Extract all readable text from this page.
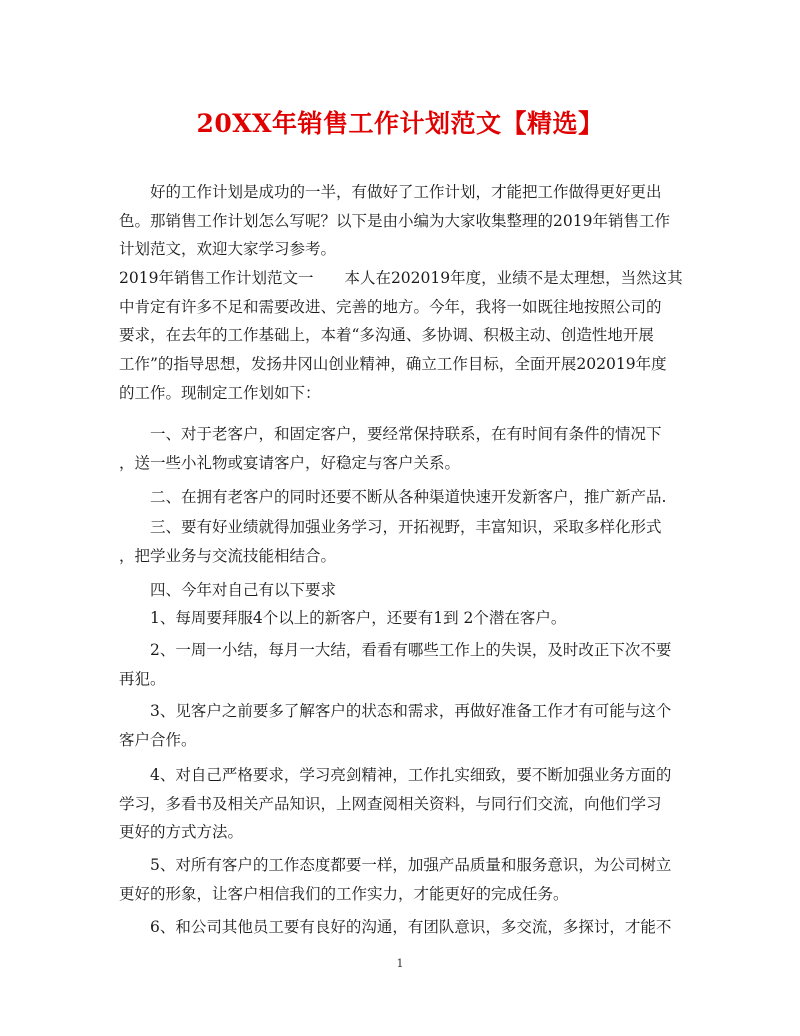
20XX年销售工作计划范文【精选】

　　好的工作计划是成功的一半，有做好了工作计划，才能把工作做得更好更出

色。那销售工作计划怎么写呢？以下是由小编为大家收集整理的2019年销售工作

计划范文，欢迎大家学习参考。

2019年销售工作计划范文一　　本人在202019年度，业绩不是太理想，当然这其

中肯定有许多不足和需要改进、完善的地方。今年，我将一如既往地按照公司的

要求，在去年的工作基础上，本着“多沟通、多协调、积极主动、创造性地开展

工作”的指导思想，发扬井冈山创业精神，确立工作目标，全面开展202019年度

的工作。现制定工作划如下：

　　一、对于老客户，和固定客户，要经常保持联系，在有时间有条件的情况下

，送一些小礼物或宴请客户，好稳定与客户关系。

　　二、在拥有老客户的同时还要不断从各种渠道快速开发新客户，推广新产品.

　　三、要有好业绩就得加强业务学习，开拓视野，丰富知识，采取多样化形式

，把学业务与交流技能相结合。

　　四、今年对自己有以下要求

　　1、每周要拜服4个以上的新客户，还要有1到 2个潜在客户。

　　2、一周一小结，每月一大结，看看有哪些工作上的失误，及时改正下次不要

再犯。

　　3、见客户之前要多了解客户的状态和需求，再做好准备工作才有可能与这个

客户合作。

　　4、对自己严格要求，学习亮剑精神，工作扎实细致，要不断加强业务方面的

学习，多看书及相关产品知识，上网查阅相关资料，与同行们交流，向他们学习

更好的方式方法。

　　5、对所有客户的工作态度都要一样，加强产品质量和服务意识，为公司树立

更好的形象，让客户相信我们的工作实力，才能更好的完成任务。

　　6、和公司其他员工要有良好的沟通，有团队意识，多交流，多探讨，才能不

1
